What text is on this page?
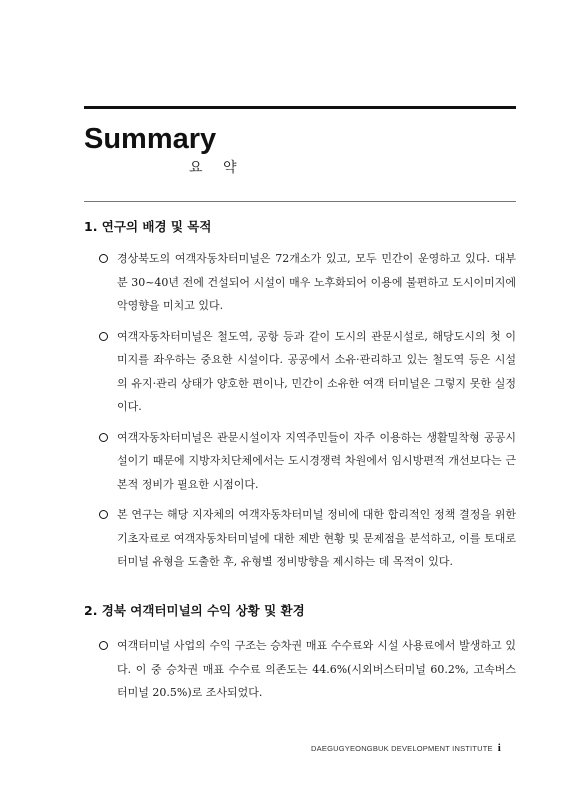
Summary
요 약
1. 연구의 배경 및 목적
경상북도의 여객자동차터미널은 72개소가 있고, 모두 민간이 운영하고 있다. 대부분 30~40년 전에 건설되어 시설이 매우 노후화되어 이용에 불편하고 도시이미지에 악영향을 미치고 있다.
여객자동차터미널은 철도역, 공항 등과 같이 도시의 관문시설로, 해당도시의 첫 이미지를 좌우하는 중요한 시설이다. 공공에서 소유·관리하고 있는 철도역 등은 시설의 유지·관리 상태가 양호한 편이나, 민간이 소유한 여객 터미널은 그렇지 못한 실정이다.
여객자동차터미널은 관문시설이자 지역주민들이 자주 이용하는 생활밀착형 공공시설이기 때문에 지방자치단체에서는 도시경쟁력 차원에서 임시방편적 개선보다는 근본적 정비가 필요한 시점이다.
본 연구는 해당 지자체의 여객자동차터미널 정비에 대한 합리적인 정책 결정을 위한 기초자료로 여객자동차터미널에 대한 제반 현황 및 문제점을 분석하고, 이를 토대로 터미널 유형을 도출한 후, 유형별 정비방향을 제시하는 데 목적이 있다.
2. 경북 여객터미널의 수익 상황 및 환경
여객터미널 사업의 수익 구조는 승차권 매표 수수료와 시설 사용료에서 발생하고 있다. 이 중 승차권 매표 수수료 의존도는 44.6%(시외버스터미널 60.2%, 고속버스터미널 20.5%)로 조사되었다.
DAEGUGYEONGBUK DEVELOPMENT INSTITUTE i
